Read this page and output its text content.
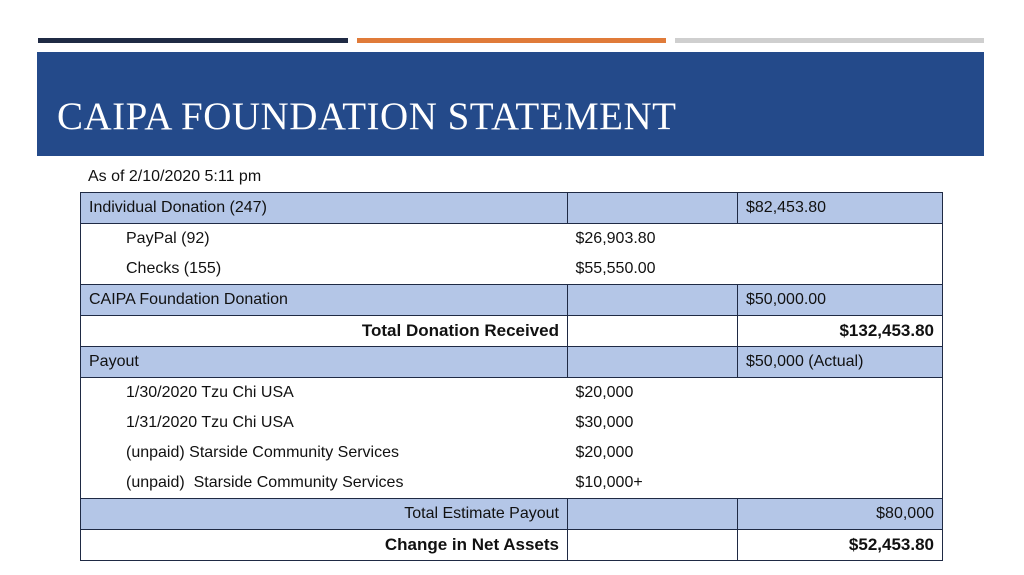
CAIPA FOUNDATION STATEMENT
As of 2/10/2020 5:11 pm
Individual Donation (247)		$82,453.80
PayPal (92)	$26,903.80	
Checks (155)	$55,550.00	
CAIPA Foundation Donation		$50,000.00
Total Donation Received		$132,453.80
Payout		$50,000 (Actual)
1/30/2020 Tzu Chi USA	$20,000	
1/31/2020 Tzu Chi USA	$30,000	
(unpaid) Starside Community Services	$20,000	
(unpaid)  Starside Community Services	$10,000+	
Total Estimate Payout		$80,000
Change in Net Assets		$52,453.80
